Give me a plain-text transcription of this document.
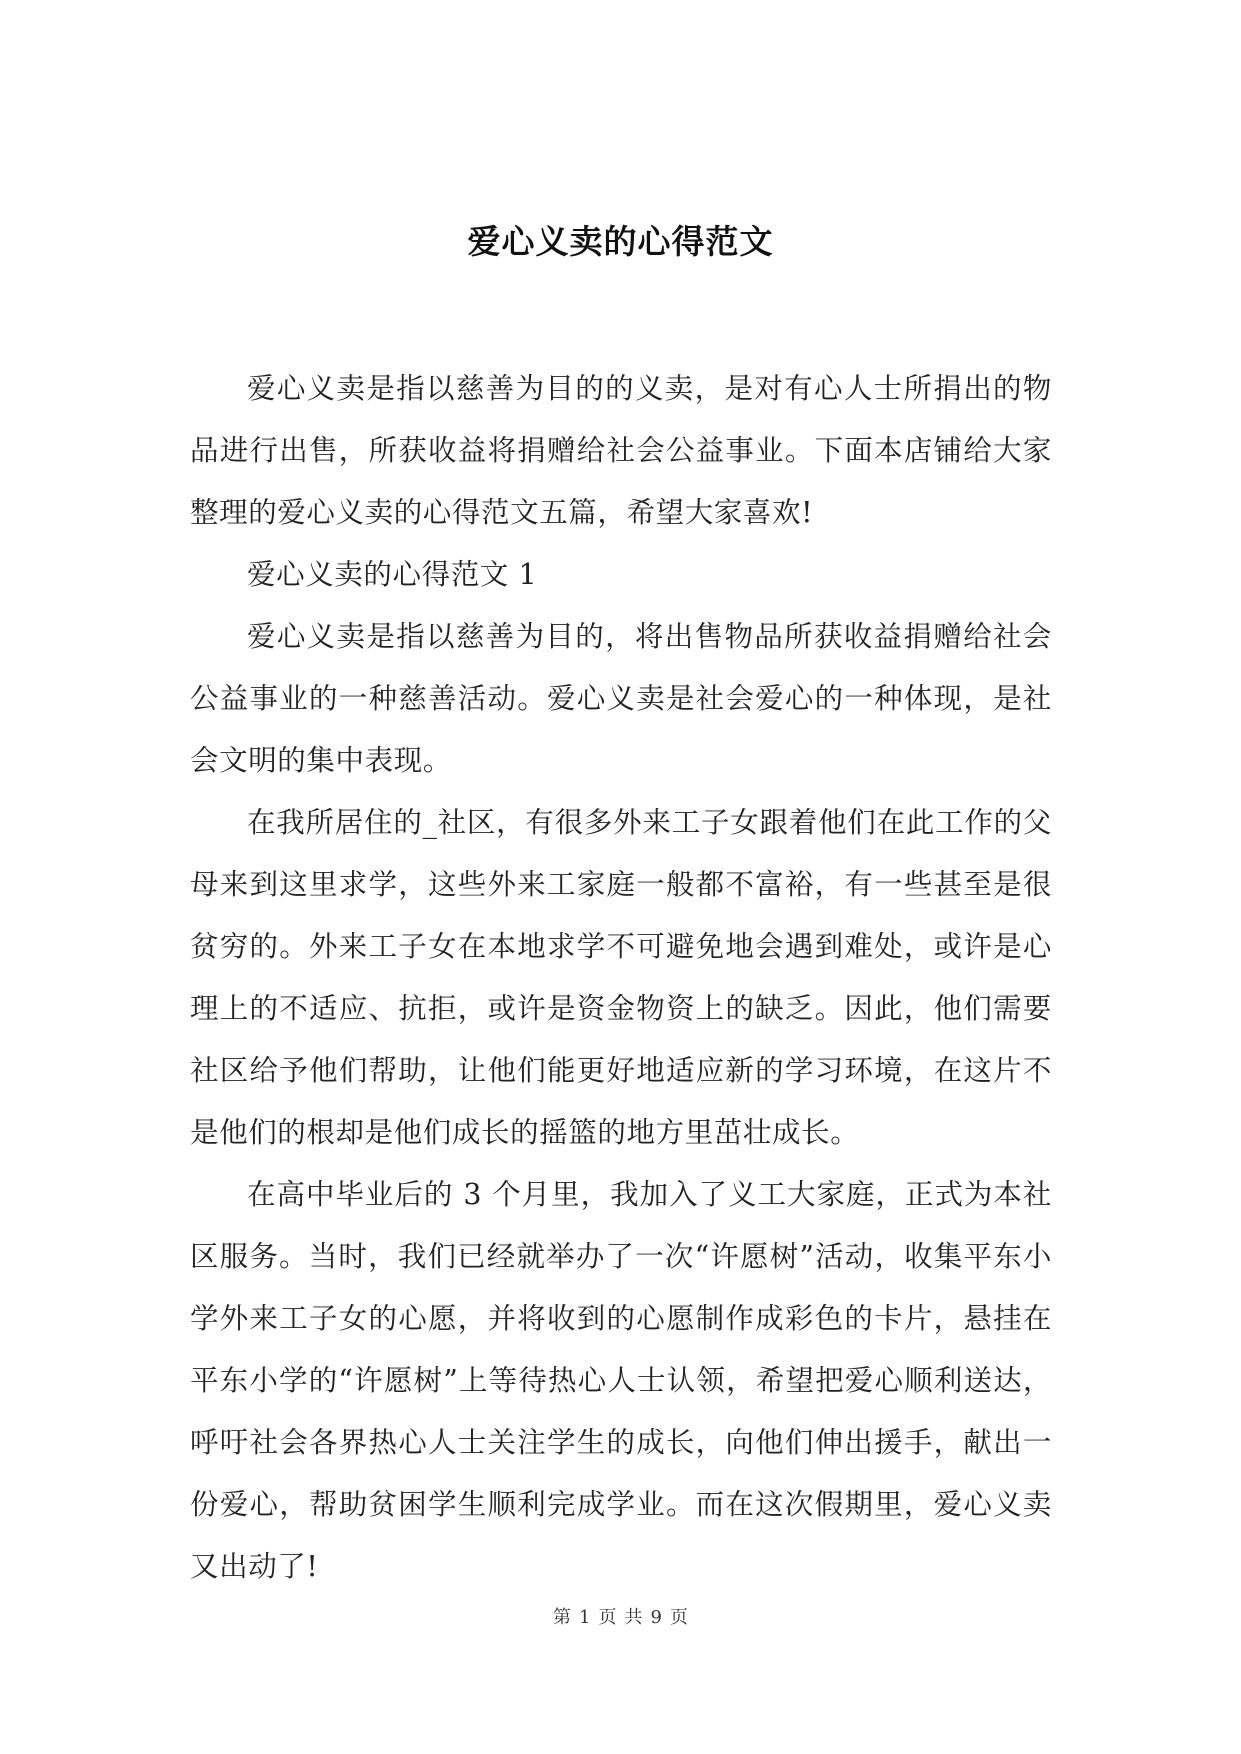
爱心义卖的心得范文

爱心义卖是指以慈善为目的的义卖，是对有心人士所捐出的物品进行出售，所获收益将捐赠给社会公益事业。下面本店铺给大家整理的爱心义卖的心得范文五篇，希望大家喜欢!

爱心义卖的心得范文 1

爱心义卖是指以慈善为目的，将出售物品所获收益捐赠给社会公益事业的一种慈善活动。爱心义卖是社会爱心的一种体现，是社会文明的集中表现。

在我所居住的_社区，有很多外来工子女跟着他们在此工作的父母来到这里求学，这些外来工家庭一般都不富裕，有一些甚至是很贫穷的。外来工子女在本地求学不可避免地会遇到难处，或许是心理上的不适应、抗拒，或许是资金物资上的缺乏。因此，他们需要社区给予他们帮助，让他们能更好地适应新的学习环境，在这片不是他们的根却是他们成长的摇篮的地方里茁壮成长。

在高中毕业后的 3 个月里，我加入了义工大家庭，正式为本社区服务。当时，我们已经就举办了一次“许愿树”活动，收集平东小学外来工子女的心愿，并将收到的心愿制作成彩色的卡片，悬挂在平东小学的“许愿树”上等待热心人士认领，希望把爱心顺利送达，呼吁社会各界热心人士关注学生的成长，向他们伸出援手，献出一份爱心，帮助贫困学生顺利完成学业。而在这次假期里，爱心义卖又出动了!

第 1 页 共 9 页
